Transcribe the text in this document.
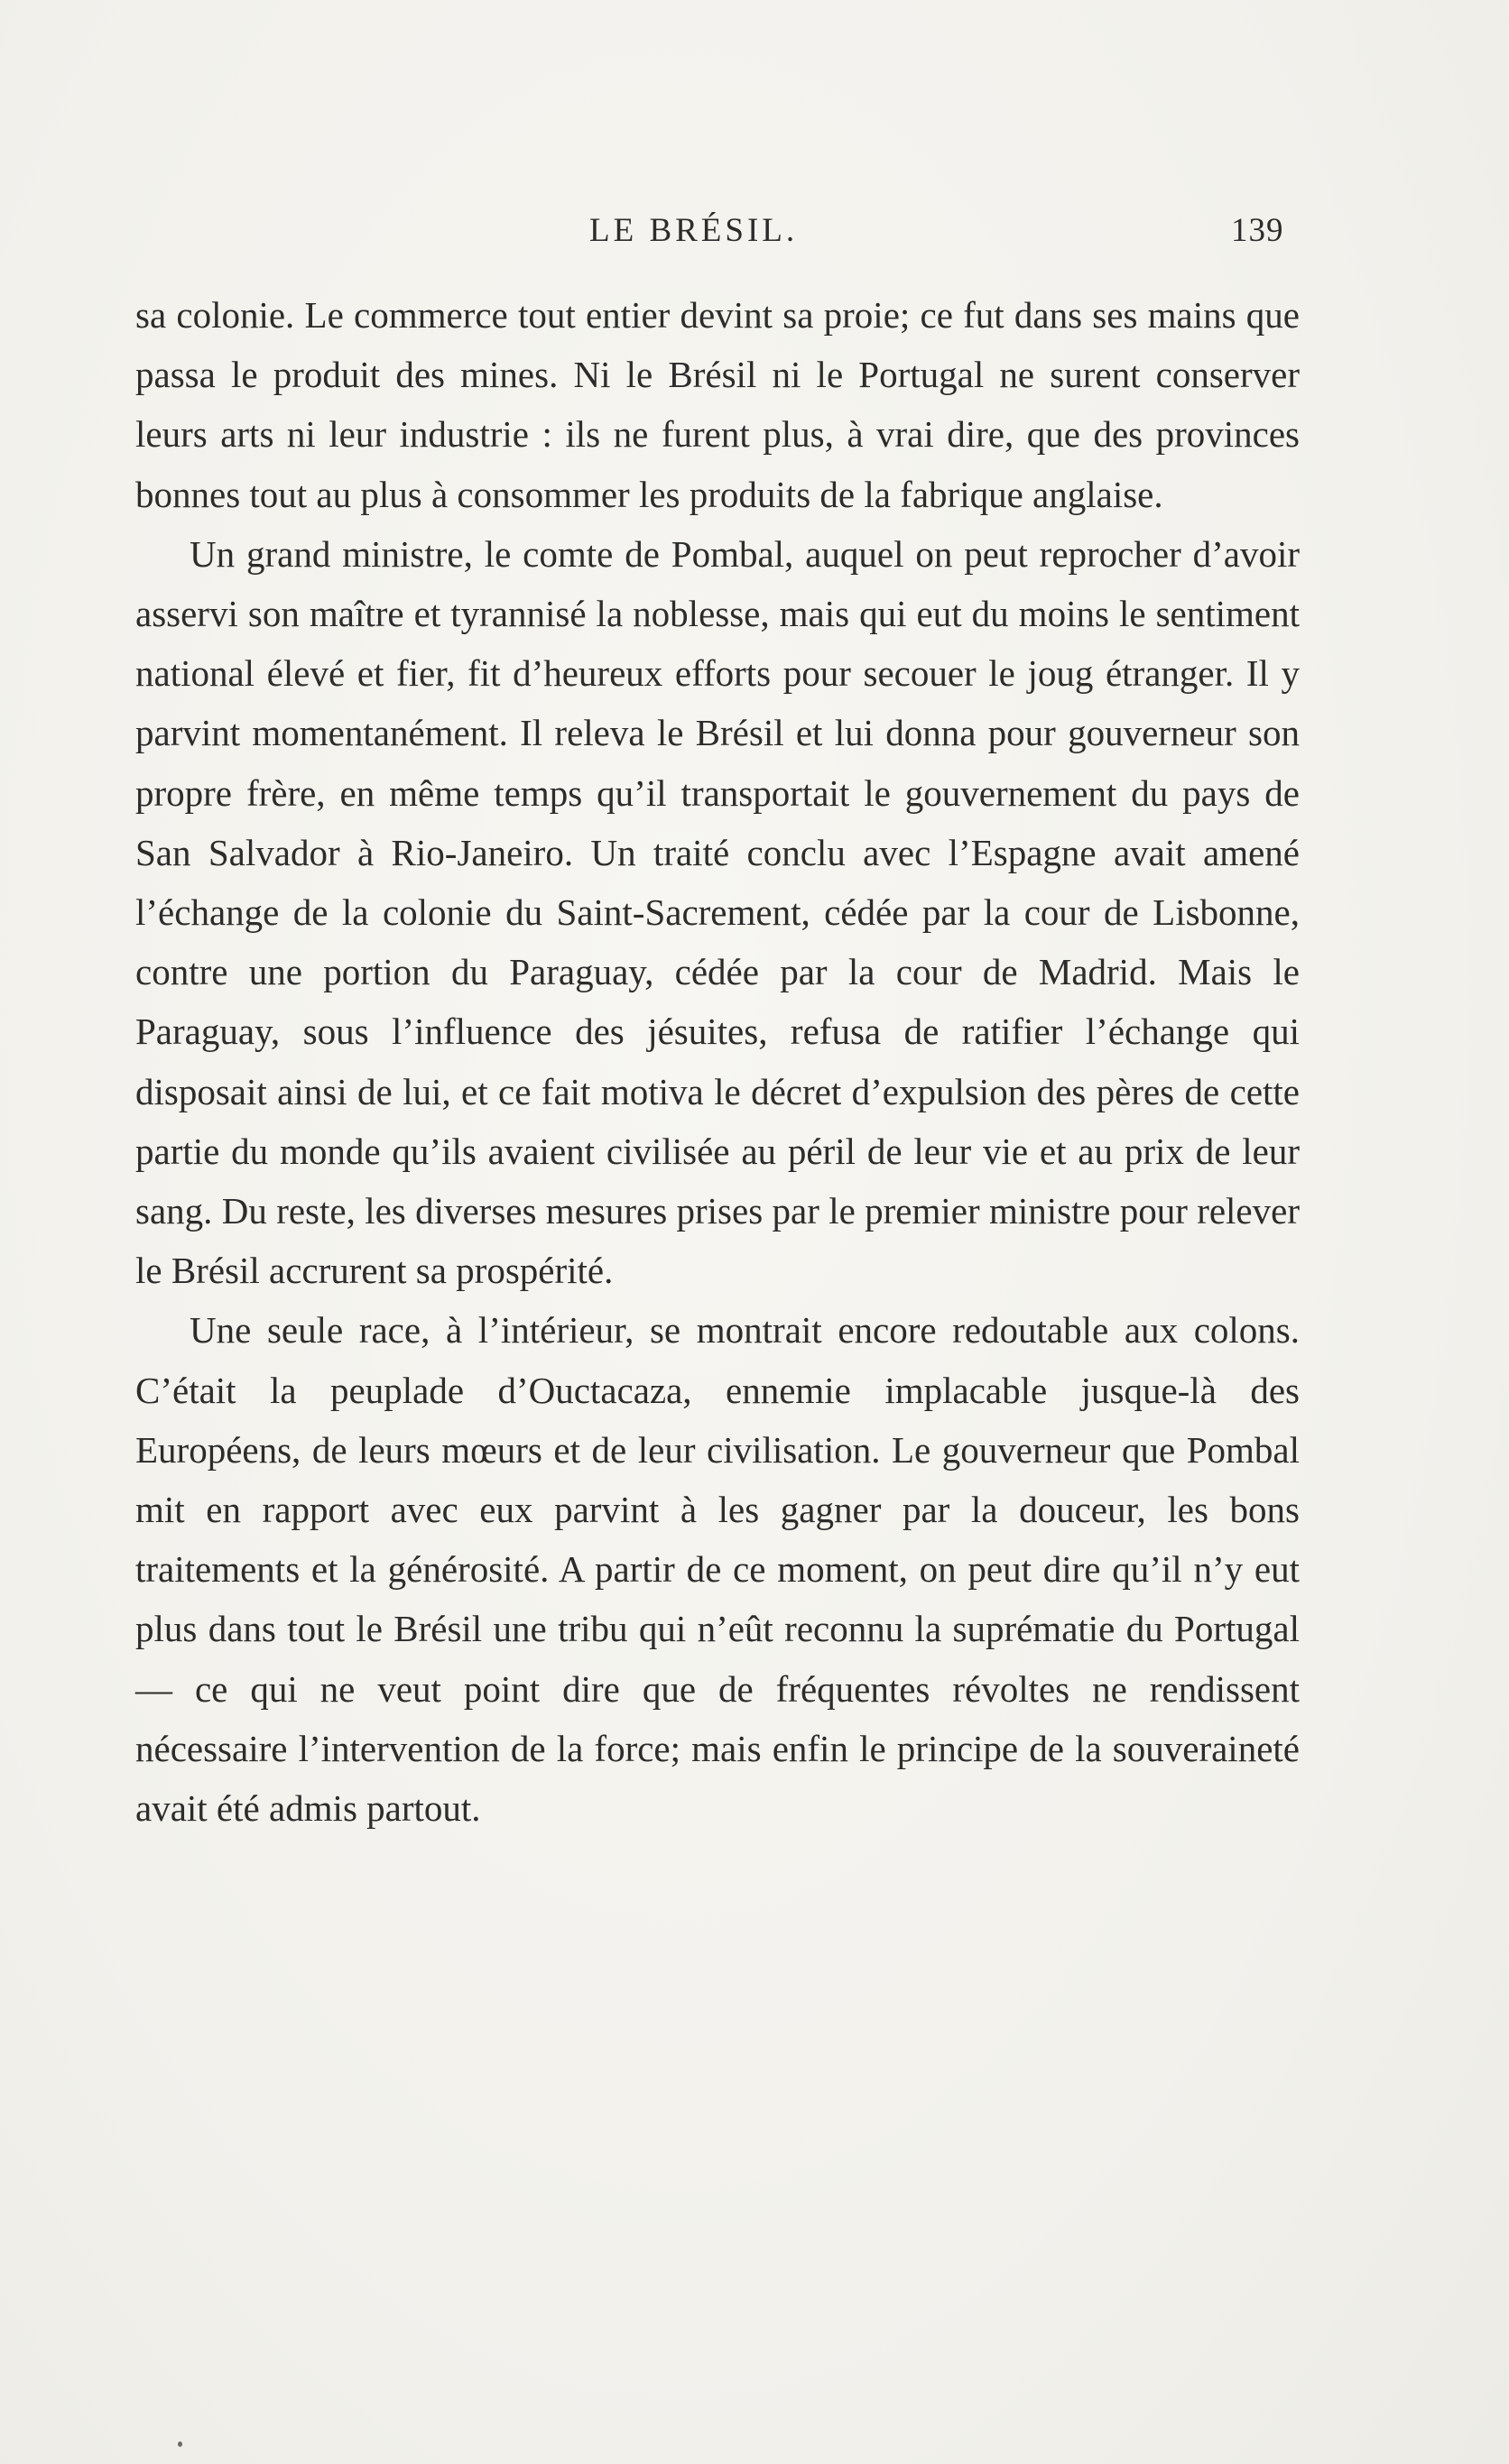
LE BRÉSIL.	139

sa colonie. Le commerce tout entier devint sa proie; ce fut dans ses mains que passa le produit des mines. Ni le Brésil ni le Portugal ne surent conserver leurs arts ni leur industrie : ils ne furent plus, à vrai dire, que des provinces bonnes tout au plus à consommer les produits de la fabrique anglaise.

Un grand ministre, le comte de Pombal, auquel on peut reprocher d’avoir asservi son maître et tyrannisé la noblesse, mais qui eut du moins le sentiment national élevé et fier, fit d’heureux efforts pour secouer le joug étranger. Il y parvint momentanément. Il releva le Brésil et lui donna pour gouverneur son propre frère, en même temps qu’il transportait le gouvernement du pays de San Salvador à Rio-Janeiro. Un traité conclu avec l’Espagne avait amené l’échange de la colonie du Saint-Sacrement, cédée par la cour de Lisbonne, contre une portion du Paraguay, cédée par la cour de Madrid. Mais le Paraguay, sous l’influence des jésuites, refusa de ratifier l’échange qui disposait ainsi de lui, et ce fait motiva le décret d’expulsion des pères de cette partie du monde qu’ils avaient civilisée au péril de leur vie et au prix de leur sang. Du reste, les diverses mesures prises par le premier ministre pour relever le Brésil accrurent sa prospérité.

Une seule race, à l’intérieur, se montrait encore redoutable aux colons. C’était la peuplade d’Ouctacaza, ennemie implacable jusque-là des Européens, de leurs mœurs et de leur civilisation. Le gouverneur que Pombal mit en rapport avec eux parvint à les gagner par la douceur, les bons traitements et la générosité. A partir de ce moment, on peut dire qu’il n’y eut plus dans tout le Brésil une tribu qui n’eût reconnu la suprématie du Portugal — ce qui ne veut point dire que de fréquentes révoltes ne rendissent nécessaire l’intervention de la force; mais enfin le principe de la souveraineté avait été admis partout.
